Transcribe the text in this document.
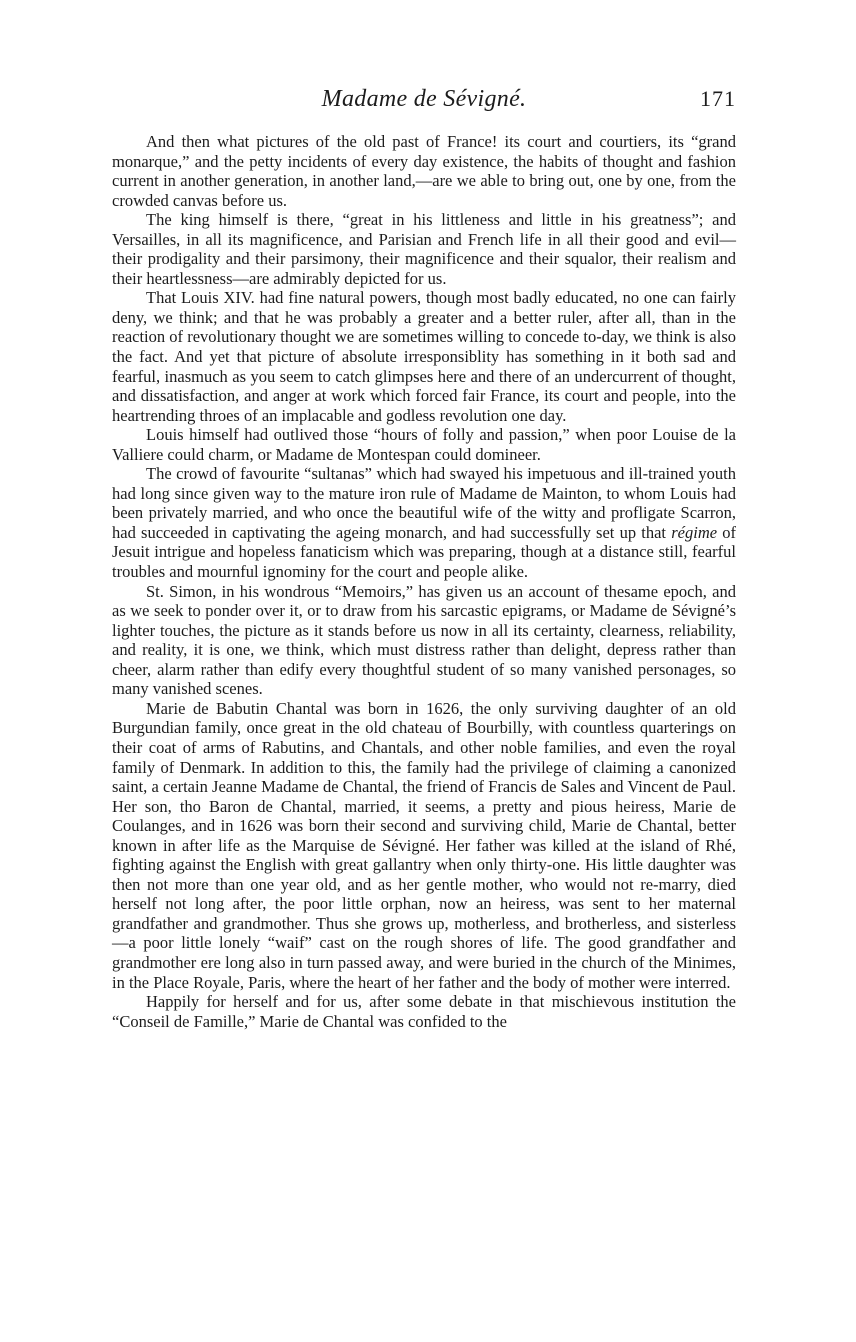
Madame de Sévigné.	171

And then what pictures of the old past of France! its court and courtiers, its “grand monarque,” and the petty incidents of every day existence, the habits of thought and fashion current in another generation, in another land,—are we able to bring out, one by one, from the crowded canvas before us.

The king himself is there, “great in his littleness and little in his greatness”; and Versailles, in all its magnificence, and Parisian and French life in all their good and evil—their prodigality and their parsimony, their magnificence and their squalor, their realism and their heartlessness—are admirably depicted for us.

That Louis XIV. had fine natural powers, though most badly educated, no one can fairly deny, we think; and that he was probably a greater and a better ruler, after all, than in the reaction of revolutionary thought we are sometimes willing to concede to-day, we think is also the fact. And yet that picture of absolute irresponsiblity has something in it both sad and fearful, inasmuch as you seem to catch glimpses here and there of an undercurrent of thought, and dissatisfaction, and anger at work which forced fair France, its court and people, into the heartrending throes of an implacable and godless revolution one day.

Louis himself had outlived those “hours of folly and passion,” when poor Louise de la Valliere could charm, or Madame de Montespan could domineer.

The crowd of favourite “sultanas” which had swayed his impetuous and ill-trained youth had long since given way to the mature iron rule of Madame de Mainton, to whom Louis had been privately married, and who once the beautiful wife of the witty and profligate Scarron, had succeeded in captivating the ageing monarch, and had successfully set up that régime of Jesuit intrigue and hopeless fanaticism which was preparing, though at a distance still, fearful troubles and mournful ignominy for the court and people alike.

St. Simon, in his wondrous “Memoirs,” has given us an account of thesame epoch, and as we seek to ponder over it, or to draw from his sarcastic epigrams, or Madame de Sévigné’s lighter touches, the picture as it stands before us now in all its certainty, clearness, reliability, and reality, it is one, we think, which must distress rather than delight, depress rather than cheer, alarm rather than edify every thoughtful student of so many vanished personages, so many vanished scenes.

Marie de Babutin Chantal was born in 1626, the only surviving daughter of an old Burgundian family, once great in the old chateau of Bourbilly, with countless quarterings on their coat of arms of Rabutins, and Chantals, and other noble families, and even the royal family of Denmark. In addition to this, the family had the privilege of claiming a canonized saint, a certain Jeanne Madame de Chantal, the friend of Francis de Sales and Vincent de Paul. Her son, tho Baron de Chantal, married, it seems, a pretty and pious heiress, Marie de Coulanges, and in 1626 was born their second and surviving child, Marie de Chantal, better known in after life as the Marquise de Sévigné. Her father was killed at the island of Rhé, fighting against the English with great gallantry when only thirty-one. His little daughter was then not more than one year old, and as her gentle mother, who would not re-marry, died herself not long after, the poor little orphan, now an heiress, was sent to her maternal grandfather and grandmother. Thus she grows up, motherless, and brotherless, and sisterless—a poor little lonely “waif” cast on the rough shores of life. The good grandfather and grandmother ere long also in turn passed away, and were buried in the church of the Minimes, in the Place Royale, Paris, where the heart of her father and the body of mother were interred.

Happily for herself and for us, after some debate in that mischievous institution the “Conseil de Famille,” Marie de Chantal was confided to the
